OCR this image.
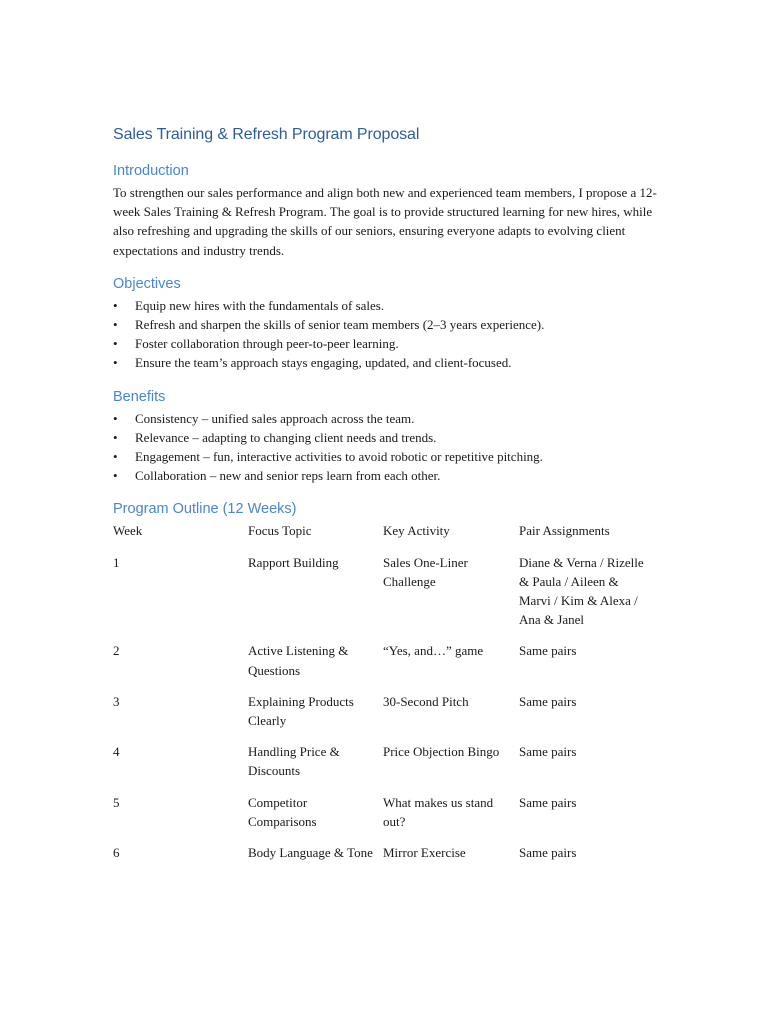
Sales Training & Refresh Program Proposal
Introduction

To strengthen our sales performance and align both new and experienced team members, I propose a 12-week Sales Training & Refresh Program. The goal is to provide structured learning for new hires, while also refreshing and upgrading the skills of our seniors, ensuring everyone adapts to evolving client expectations and industry trends.

Objectives
• Equip new hires with the fundamentals of sales.
• Refresh and sharpen the skills of senior team members (2–3 years experience).
• Foster collaboration through peer-to-peer learning.
• Ensure the team’s approach stays engaging, updated, and client-focused.
Benefits
• Consistency – unified sales approach across the team.
• Relevance – adapting to changing client needs and trends.
• Engagement – fun, interactive activities to avoid robotic or repetitive pitching.
• Collaboration – new and senior reps learn from each other.
Program Outline (12 Weeks)
Week	Focus Topic	Key Activity	Pair Assignments
1	Rapport Building	Sales One-Liner Challenge	Diane & Verna / Rizelle & Paula / Aileen & Marvi / Kim & Alexa / Ana & Janel
2	Active Listening & Questions	“Yes, and…” game	Same pairs
3	Explaining Products Clearly	30-Second Pitch	Same pairs
4	Handling Price & Discounts	Price Objection Bingo	Same pairs
5	Competitor Comparisons	What makes us stand out?	Same pairs
6	Body Language & Tone	Mirror Exercise	Same pairs
